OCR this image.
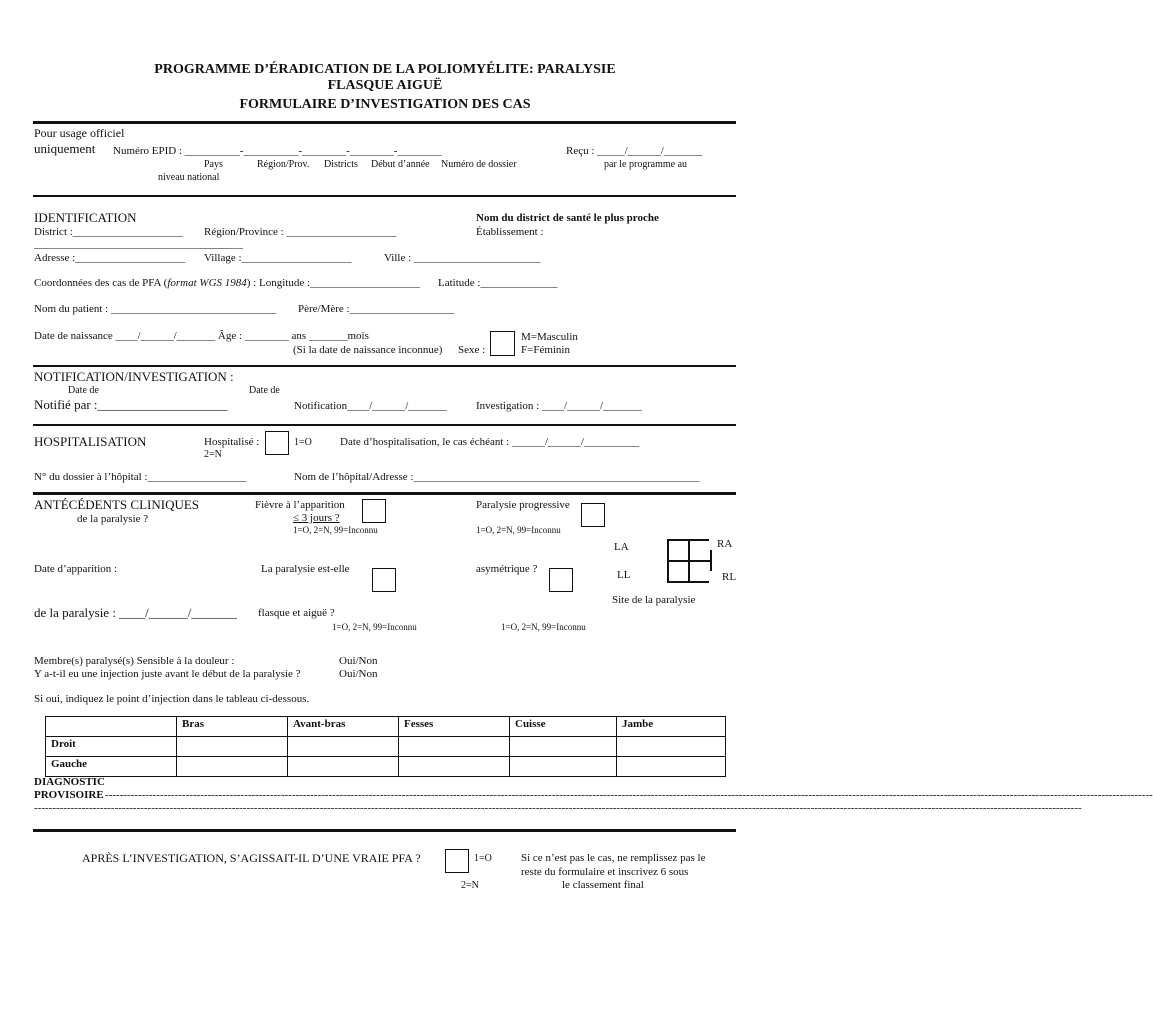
PROGRAMME D’ÉRADICATION DE LA POLIOMYÉLITE: PARALYSIE
FLASQUE AIGUË
FORMULAIRE D’INVESTIGATION DES CAS
Pour usage officiel
uniquement Numéro EPID : __________-__________-________-________-________	Reçu : _____/______/_______
Pays	Région/Prov. Districts Début d’année Numéro de dossier	par le programme au
niveau national
IDENTIFICATION	Nom du district de santé le plus proche
District :____________________ Région/Province : ____________________	Établissement :
______________________________________
Adresse :____________________ Village :____________________	Ville : _______________________
Coordonnées des cas de PFA (format WGS 1984) : Longitude :____________________ Latitude :______________
Nom du patient : ______________________________ Père/Mère :___________________
Date de naissance ____/______/_______ Âge : ________ ans _______mois
(Si la date de naissance inconnue) Sexe :
M=Masculin
F=Féminin
NOTIFICATION/INVESTIGATION :
Date de	Date de
Notifié par :____________________	Notification____/______/_______	Investigation : ____/______/_______
HOSPITALISATION	Hospitalisé :	1=O
2=N
Date d’hospitalisation, le cas échéant : ______/______/__________
N° du dossier à l’hôpital :__________________	Nom de l’hôpital/Adresse :____________________________________________________
ANTÉCÉDENTS CLINIQUES
de la paralysie ?
Fièvre à l’apparition
≤ 3 jours ?
1=O, 2=N, 99=Inconnu
Paralysie progressive
1=O, 2=N, 99=Inconnu
Date d’apparition :	La paralysie est-elle	asymétrique ?
de la paralysie : ____/______/_______ flasque et aiguë ?
1=O, 2=N, 99=Inconnu	1=O, 2=N, 99=Inconnu
LA	RA
LL	RL
Site de la paralysie
Membre(s) paralysé(s) Sensible à la douleur :	Oui/Non
Y a-t-il eu une injection juste avant le début de la paralysie ?	Oui/Non
Si oui, indiquez le point d’injection dans le tableau ci-dessous.
	Bras	Avant-bras	Fesses	Cuisse	Jambe
Droit					
Gauche					
DIAGNOSTIC
PROVISOIRE ----------------------------------------------------------------------------------------------------------------------------------------------------------------------------------------------------------------------------------------------------------------------------------------------
----------------------------------------------------------------------------------------------------------------------------------------------------------------------------------------------------------------------------------------------------------------------------------------------
APRÈS L’INVESTIGATION, S’AGISSAIT-IL D’UNE VRAIE PFA ?	1=O
2=N
Si ce n’est pas le cas, ne remplissez pas le
reste du formulaire et inscrivez 6 sous
le classement final
